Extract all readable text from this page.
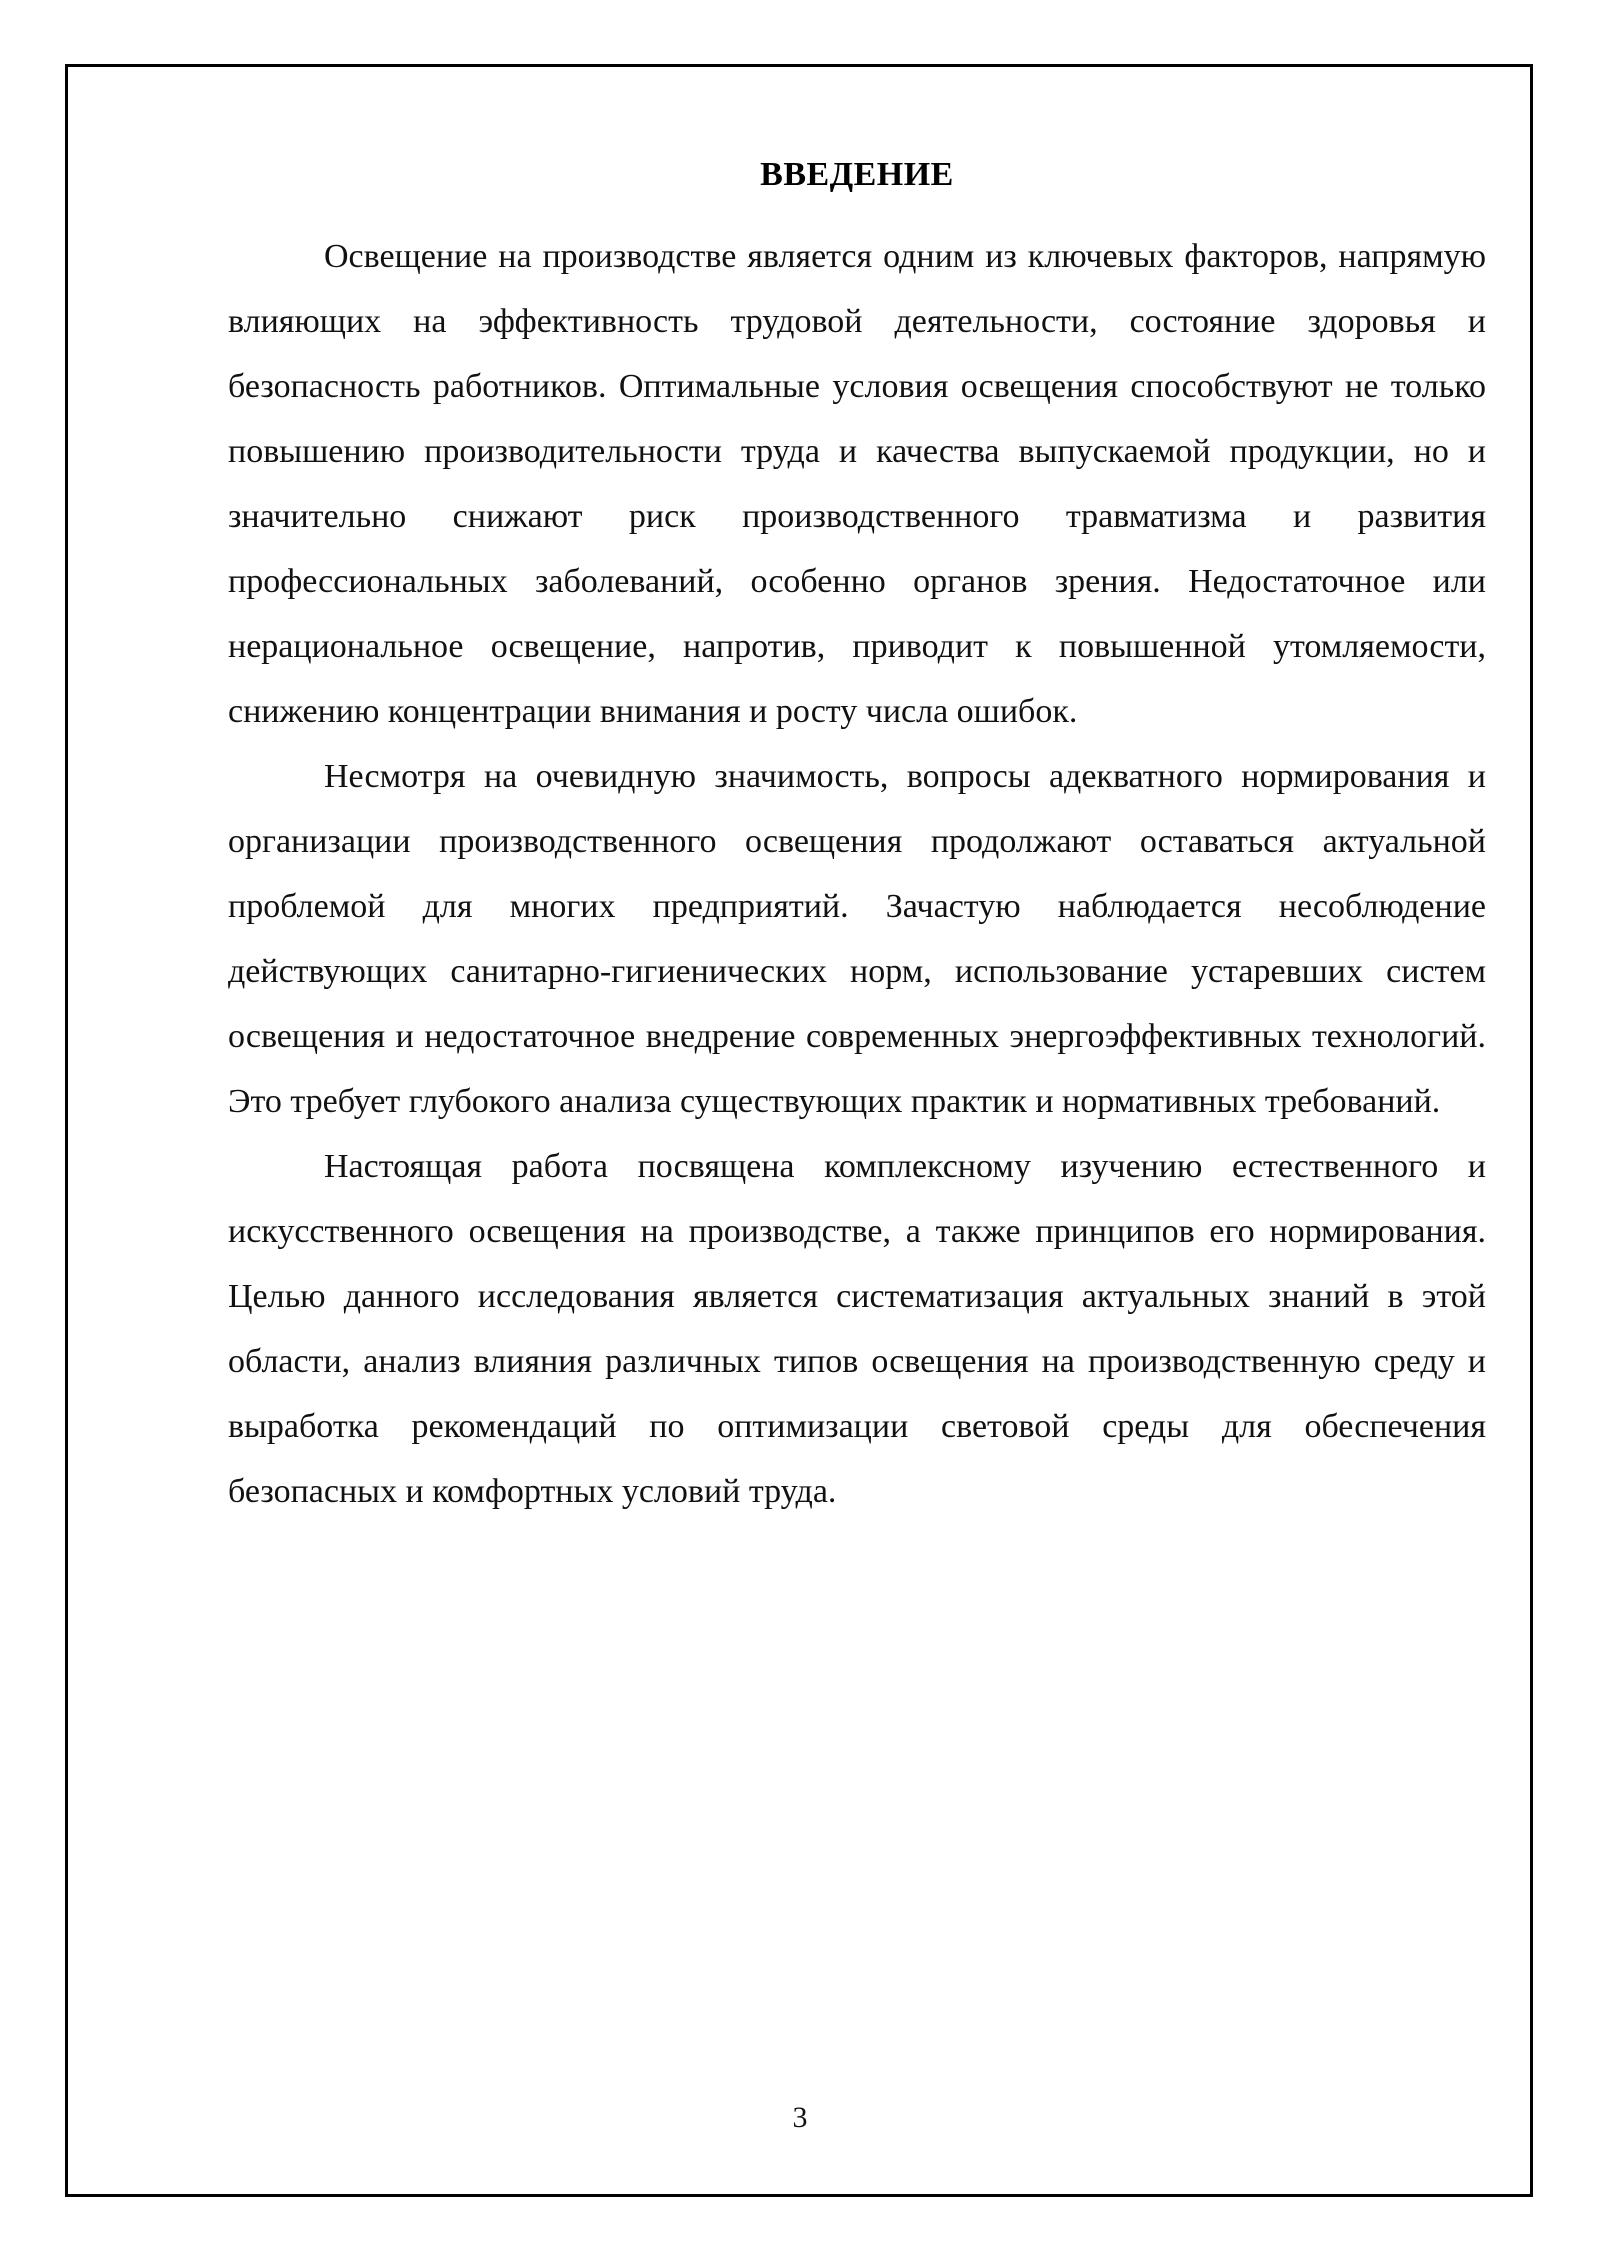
ВВЕДЕНИЕ

Освещение на производстве является одним из ключевых факторов, напрямую влияющих на эффективность трудовой деятельности, состояние здоровья и безопасность работников. Оптимальные условия освещения способствуют не только повышению производительности труда и качества выпускаемой продукции, но и значительно снижают риск производственного травматизма и развития профессиональных заболеваний, особенно органов зрения. Недостаточное или нерациональное освещение, напротив, приводит к повышенной утомляемости, снижению концентрации внимания и росту числа ошибок.

Несмотря на очевидную значимость, вопросы адекватного нормирования и организации производственного освещения продолжают оставаться актуальной проблемой для многих предприятий. Зачастую наблюдается несоблюдение действующих санитарно-гигиенических норм, использование устаревших систем освещения и недостаточное внедрение современных энергоэффективных технологий. Это требует глубокого анализа существующих практик и нормативных требований.

Настоящая работа посвящена комплексному изучению естественного и искусственного освещения на производстве, а также принципов его нормирования. Целью данного исследования является систематизация актуальных знаний в этой области, анализ влияния различных типов освещения на производственную среду и выработка рекомендаций по оптимизации световой среды для обеспечения безопасных и комфортных условий труда.

3
